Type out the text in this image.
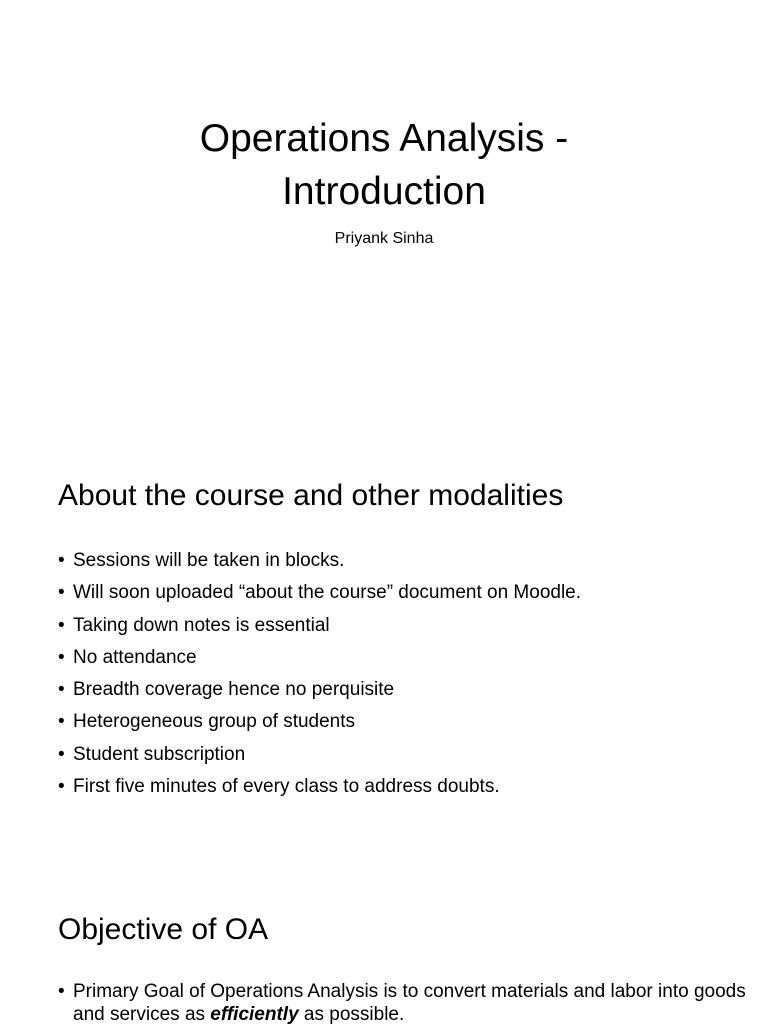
Operations Analysis -
Introduction
Priyank Sinha
About the course and other modalities
• Sessions will be taken in blocks.
• Will soon uploaded “about the course” document on Moodle.
• Taking down notes is essential
• No attendance
• Breadth coverage hence no perquisite
• Heterogeneous group of students
• Student subscription
• First five minutes of every class to address doubts.
Objective of OA
• Primary Goal of Operations Analysis is to convert materials and labor into goods and services as efficiently as possible.
